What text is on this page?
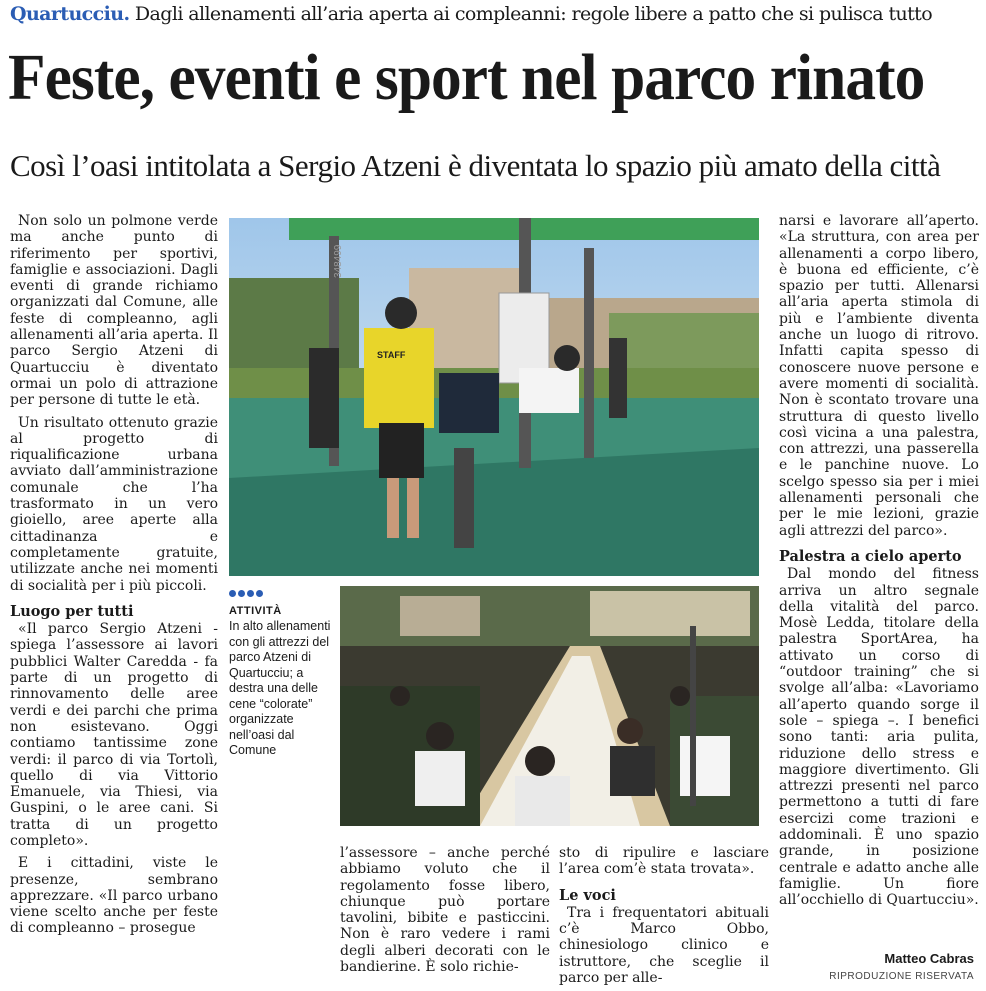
Quartucciu. Dagli allenamenti all’aria aperta ai compleanni: regole libere a patto che si pulisca tutto
Feste, eventi e sport nel parco rinato
Così l’oasi intitolata a Sergio Atzeni è diventata lo spazio più amato della città

Non solo un polmone verde ma anche punto di riferimento per sportivi, famiglie e associazioni. Dagli eventi di grande richiamo organizzati dal Comune, alle feste di compleanno, agli allenamenti all’aria aperta. Il parco Sergio Atzeni di Quartucciu è diventato ormai un polo di attrazione per persone di tutte le età.

Un risultato ottenuto grazie al progetto di riqualificazione urbana avviato dall’amministrazione comunale che l’ha trasformato in un vero gioiello, aree aperte alla cittadinanza e completamente gratuite, utilizzate anche nei momenti di socialità per i più piccoli.

Luogo per tutti

«Il parco Sergio Atzeni - spiega l’assessore ai lavori pubblici Walter Caredda - fa parte di un progetto di rinnovamento delle aree verdi e dei parchi che prima non esistevano. Oggi contiamo tantissime zone verdi: il parco di via Tortolì, quello di via Vittorio Emanuele, via Thiesi, via Guspini, o le aree cani. Si tratta di un progetto completo».

E i cittadini, viste le presenze, sembrano apprezzare. «Il parco urbano viene scelto anche per feste di compleanno – prosegue

STAFF
348499
ATTIVITÀ
In alto allenamenti con gli attrezzi del parco Atzeni di Quartucciu; a destra una delle cene “colorate” organizzate nell’oasi dal Comune

l’assessore – anche perché abbiamo voluto che il regolamento fosse libero, chiunque può portare tavolini, bibite e pasticcini. Non è raro vedere i rami degli alberi decorati con le bandierine. È solo richie-

sto di ripulire e lasciare l’area com’è stata trovata».

Le voci

Tra i frequentatori abituali c’è Marco Obbo, chinesiologo clinico e istruttore, che sceglie il parco per alle-

narsi e lavorare all’aperto. «La struttura, con area per allenamenti a corpo libero, è buona ed efficiente, c’è spazio per tutti. Allenarsi all’aria aperta stimola di più e l’ambiente diventa anche un luogo di ritrovo. Infatti capita spesso di conoscere nuove persone e avere momenti di socialità. Non è scontato trovare una struttura di questo livello così vicina a una palestra, con attrezzi, una passerella e le panchine nuove. Lo scelgo spesso sia per i miei allenamenti personali che per le mie lezioni, grazie agli attrezzi del parco».

Palestra a cielo aperto

Dal mondo del fitness arriva un altro segnale della vitalità del parco. Mosè Ledda, titolare della palestra SportArea, ha attivato un corso di “outdoor training” che si svolge all’alba: «Lavoriamo all’aperto quando sorge il sole – spiega –. I benefici sono tanti: aria pulita, riduzione dello stress e maggiore divertimento. Gli attrezzi presenti nel parco permettono a tutti di fare esercizi come trazioni e addominali. È uno spazio grande, in posizione centrale e adatto anche alle famiglie. Un fiore all’occhiello di Quartucciu».

Matteo Cabras
RIPRODUZIONE RISERVATA
